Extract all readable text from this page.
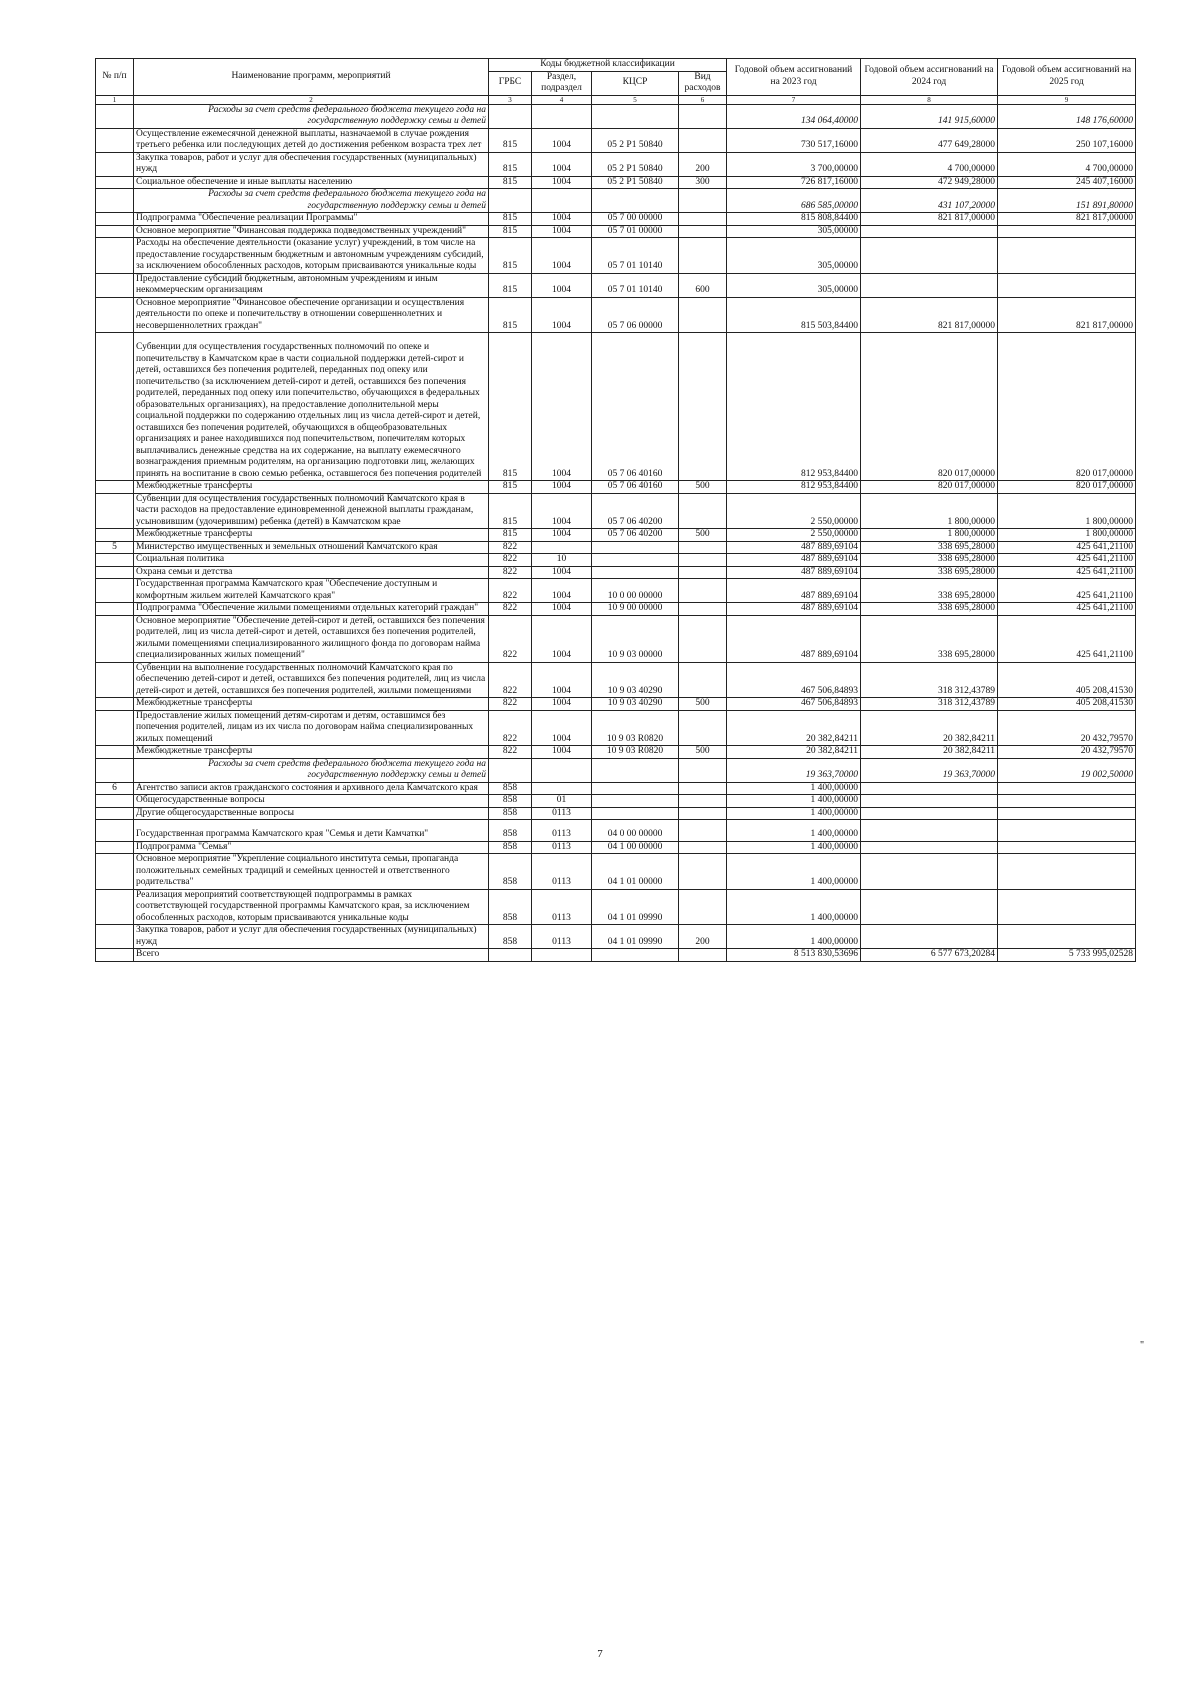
№ п/п	Наименование программ, мероприятий	Коды бюджетной классификации				Годовой объем ассигнований на 2023 год	Годовой объем ассигнований на 2024 год	Годовой объем ассигнований на 2025 год
		ГРБС	Раздел, подраздел	КЦСР	Вид расходов			
1	2	3	4	5	6	7	8	9
	Расходы за счет средств федерального бюджета текущего года на государственную поддержку семьи и детей					134 064,40000	141 915,60000	148 176,60000
	Осуществление ежемесячной денежной выплаты, назначаемой в случае рождения третьего ребенка или последующих детей до достижения ребенком возраста трех лет	815	1004	05 2 P1 50840		730 517,16000	477 649,28000	250 107,16000
	Закупка товаров, работ и услуг для обеспечения государственных (муниципальных) нужд	815	1004	05 2 P1 50840	200	3 700,00000	4 700,00000	4 700,00000
	Социальное обеспечение и иные выплаты населению	815	1004	05 2 P1 50840	300	726 817,16000	472 949,28000	245 407,16000
	Расходы за счет средств федерального бюджета текущего года на государственную поддержку семьи и детей					686 585,00000	431 107,20000	151 891,80000
	Подпрограмма "Обеспечение реализации Программы"	815	1004	05 7 00 00000		815 808,84400	821 817,00000	821 817,00000
	Основное мероприятие "Финансовая поддержка подведомственных учреждений"	815	1004	05 7 01 00000		305,00000		
	Расходы на обеспечение деятельности (оказание услуг) учреждений, в том числе на предоставление государственным бюджетным и автономным учреждениям субсидий, за исключением обособленных расходов, которым присваиваются уникальные коды	815	1004	05 7 01 10140		305,00000		
	Предоставление субсидий бюджетным, автономным учреждениям и иным некоммерческим организациям	815	1004	05 7 01 10140	600	305,00000		
	Основное мероприятие "Финансовое обеспечение организации и осуществления деятельности по опеке и попечительству в отношении совершеннолетних и несовершеннолетних граждан"	815	1004	05 7 06 00000		815 503,84400	821 817,00000	821 817,00000
	Субвенции для осуществления государственных полномочий по опеке и попечительству в Камчатском крае в части социальной поддержки детей-сирот и детей, оставшихся без попечения родителей, переданных под опеку или попечительство (за исключением детей-сирот и детей, оставшихся без попечения родителей, переданных под опеку или попечительство, обучающихся в федеральных образовательных организациях), на предоставление дополнительной меры социальной поддержки по содержанию отдельных лиц из числа детей-сирот и детей, оставшихся без попечения родителей, обучающихся в общеобразовательных организациях и ранее находившихся под попечительством, попечителям которых выплачивались денежные средства на их содержание, на выплату ежемесячного вознаграждения приемным родителям, на организацию подготовки лиц, желающих принять на воспитание в свою семью ребенка, оставшегося без попечения родителей	815	1004	05 7 06 40160		812 953,84400	820 017,00000	820 017,00000
	Межбюджетные трансферты	815	1004	05 7 06 40160	500	812 953,84400	820 017,00000	820 017,00000
	Субвенции для осуществления государственных полномочий Камчатского края в части расходов на предоставление единовременной денежной выплаты гражданам, усыновившим (удочерившим) ребенка (детей) в Камчатском крае	815	1004	05 7 06 40200		2 550,00000	1 800,00000	1 800,00000
	Межбюджетные трансферты	815	1004	05 7 06 40200	500	2 550,00000	1 800,00000	1 800,00000
5	Министерство имущественных и земельных отношений Камчатского края	822				487 889,69104	338 695,28000	425 641,21100
	Социальная политика	822	10			487 889,69104	338 695,28000	425 641,21100
	Охрана семьи и детства	822	1004			487 889,69104	338 695,28000	425 641,21100
	Государственная программа Камчатского края "Обеспечение доступным и комфортным жильем жителей Камчатского края"	822	1004	10 0 00 00000		487 889,69104	338 695,28000	425 641,21100
	Подпрограмма "Обеспечение жилыми помещениями отдельных категорий граждан"	822	1004	10 9 00 00000		487 889,69104	338 695,28000	425 641,21100
	Основное мероприятие "Обеспечение детей-сирот и детей, оставшихся без попечения родителей, лиц из числа детей-сирот и детей, оставшихся без попечения родителей, жилыми помещениями специализированного жилищного фонда по договорам найма специализированных жилых помещений"	822	1004	10 9 03 00000		487 889,69104	338 695,28000	425 641,21100
	Субвенции на выполнение государственных полномочий Камчатского края по обеспечению детей-сирот и детей, оставшихся без попечения родителей, лиц из числа детей-сирот и детей, оставшихся без попечения родителей, жилыми помещениями	822	1004	10 9 03 40290		467 506,84893	318 312,43789	405 208,41530
	Межбюджетные трансферты	822	1004	10 9 03 40290	500	467 506,84893	318 312,43789	405 208,41530
	Предоставление жилых помещений детям-сиротам и детям, оставшимся без попечения родителей, лицам из их числа по договорам найма специализированных жилых помещений	822	1004	10 9 03 R0820		20 382,84211	20 382,84211	20 432,79570
	Межбюджетные трансферты	822	1004	10 9 03 R0820	500	20 382,84211	20 382,84211	20 432,79570
	Расходы за счет средств федерального бюджета текущего года на государственную поддержку семьи и детей					19 363,70000	19 363,70000	19 002,50000
6	Агентство записи актов гражданского состояния и архивного дела Камчатского края	858				1 400,00000		
	Общегосударственные вопросы	858	01			1 400,00000		
	Другие общегосударственные вопросы	858	0113			1 400,00000		
	Государственная программа Камчатского края "Семья и дети Камчатки"	858	0113	04 0 00 00000		1 400,00000		
	Подпрограмма "Семья"	858	0113	04 1 00 00000		1 400,00000		
	Основное мероприятие "Укрепление социального института семьи, пропаганда положительных семейных традиций и семейных ценностей и ответственного родительства"	858	0113	04 1 01 00000		1 400,00000		
	Реализация мероприятий соответствующей подпрограммы в рамках соответствующей государственной программы Камчатского края, за исключением обособленных расходов, которым присваиваются уникальные коды	858	0113	04 1 01 09990		1 400,00000		
	Закупка товаров, работ и услуг для обеспечения государственных (муниципальных) нужд	858	0113	04 1 01 09990	200	1 400,00000		
	Всего					8 513 830,53696	6 577 673,20284	5 733 995,02528
"
7
